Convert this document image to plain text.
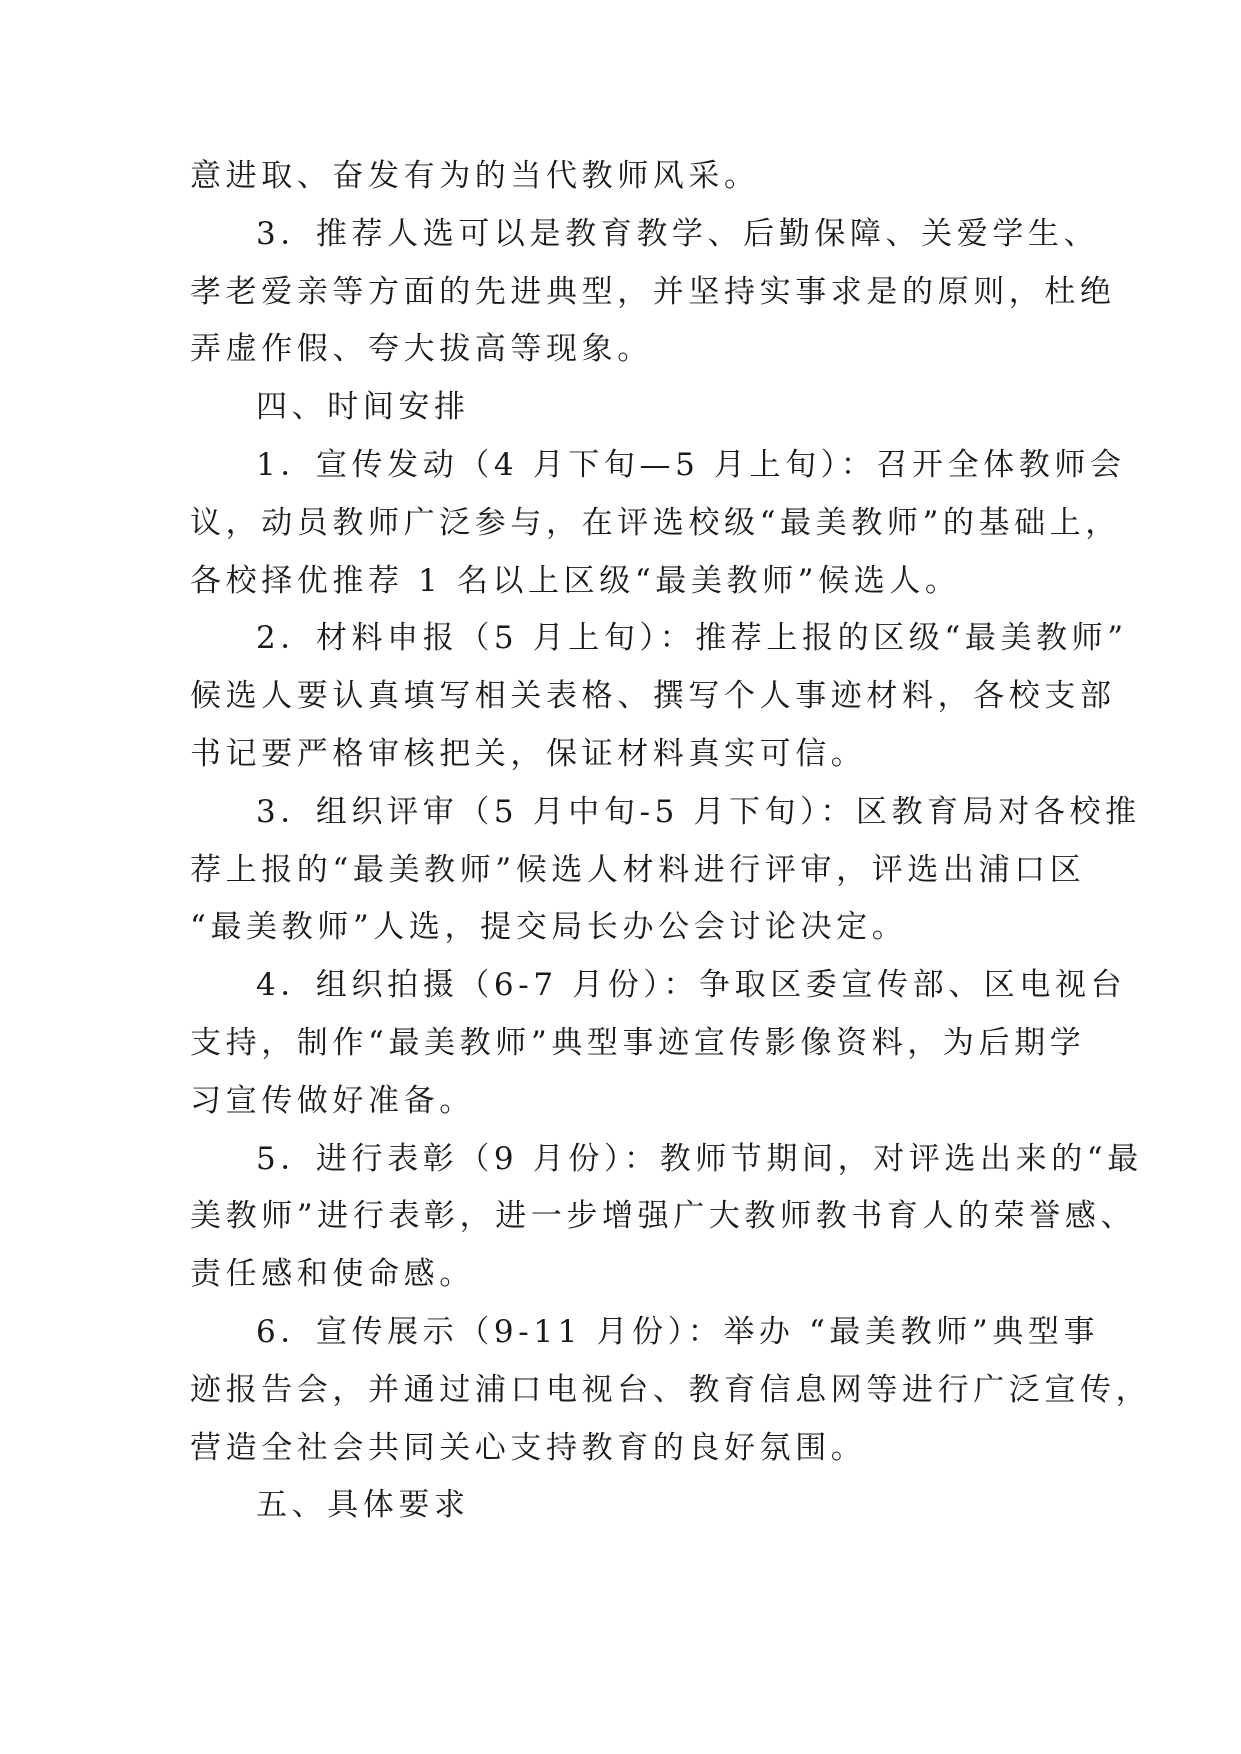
意进取、奋发有为的当代教师风采。
3．推荐人选可以是教育教学、后勤保障、关爱学生、
孝老爱亲等方面的先进典型，并坚持实事求是的原则，杜绝
弄虚作假、夸大拔高等现象。
四、时间安排
1．宣传发动（4 月下旬—5 月上旬）：召开全体教师会
议，动员教师广泛参与，在评选校级“最美教师”的基础上，
各校择优推荐 1 名以上区级“最美教师”候选人。
2．材料申报（5 月上旬）：推荐上报的区级“最美教师”
候选人要认真填写相关表格、撰写个人事迹材料，各校支部
书记要严格审核把关，保证材料真实可信。
3．组织评审（5 月中旬-5 月下旬）：区教育局对各校推
荐上报的“最美教师”候选人材料进行评审，评选出浦口区
“最美教师”人选，提交局长办公会讨论决定。
4．组织拍摄（6-7 月份）：争取区委宣传部、区电视台
支持，制作“最美教师”典型事迹宣传影像资料，为后期学
习宣传做好准备。
5．进行表彰（9 月份）：教师节期间，对评选出来的“最
美教师”进行表彰，进一步增强广大教师教书育人的荣誉感、
责任感和使命感。
6．宣传展示（9-11 月份）：举办 “最美教师”典型事
迹报告会，并通过浦口电视台、教育信息网等进行广泛宣传，
营造全社会共同关心支持教育的良好氛围。
五、具体要求
